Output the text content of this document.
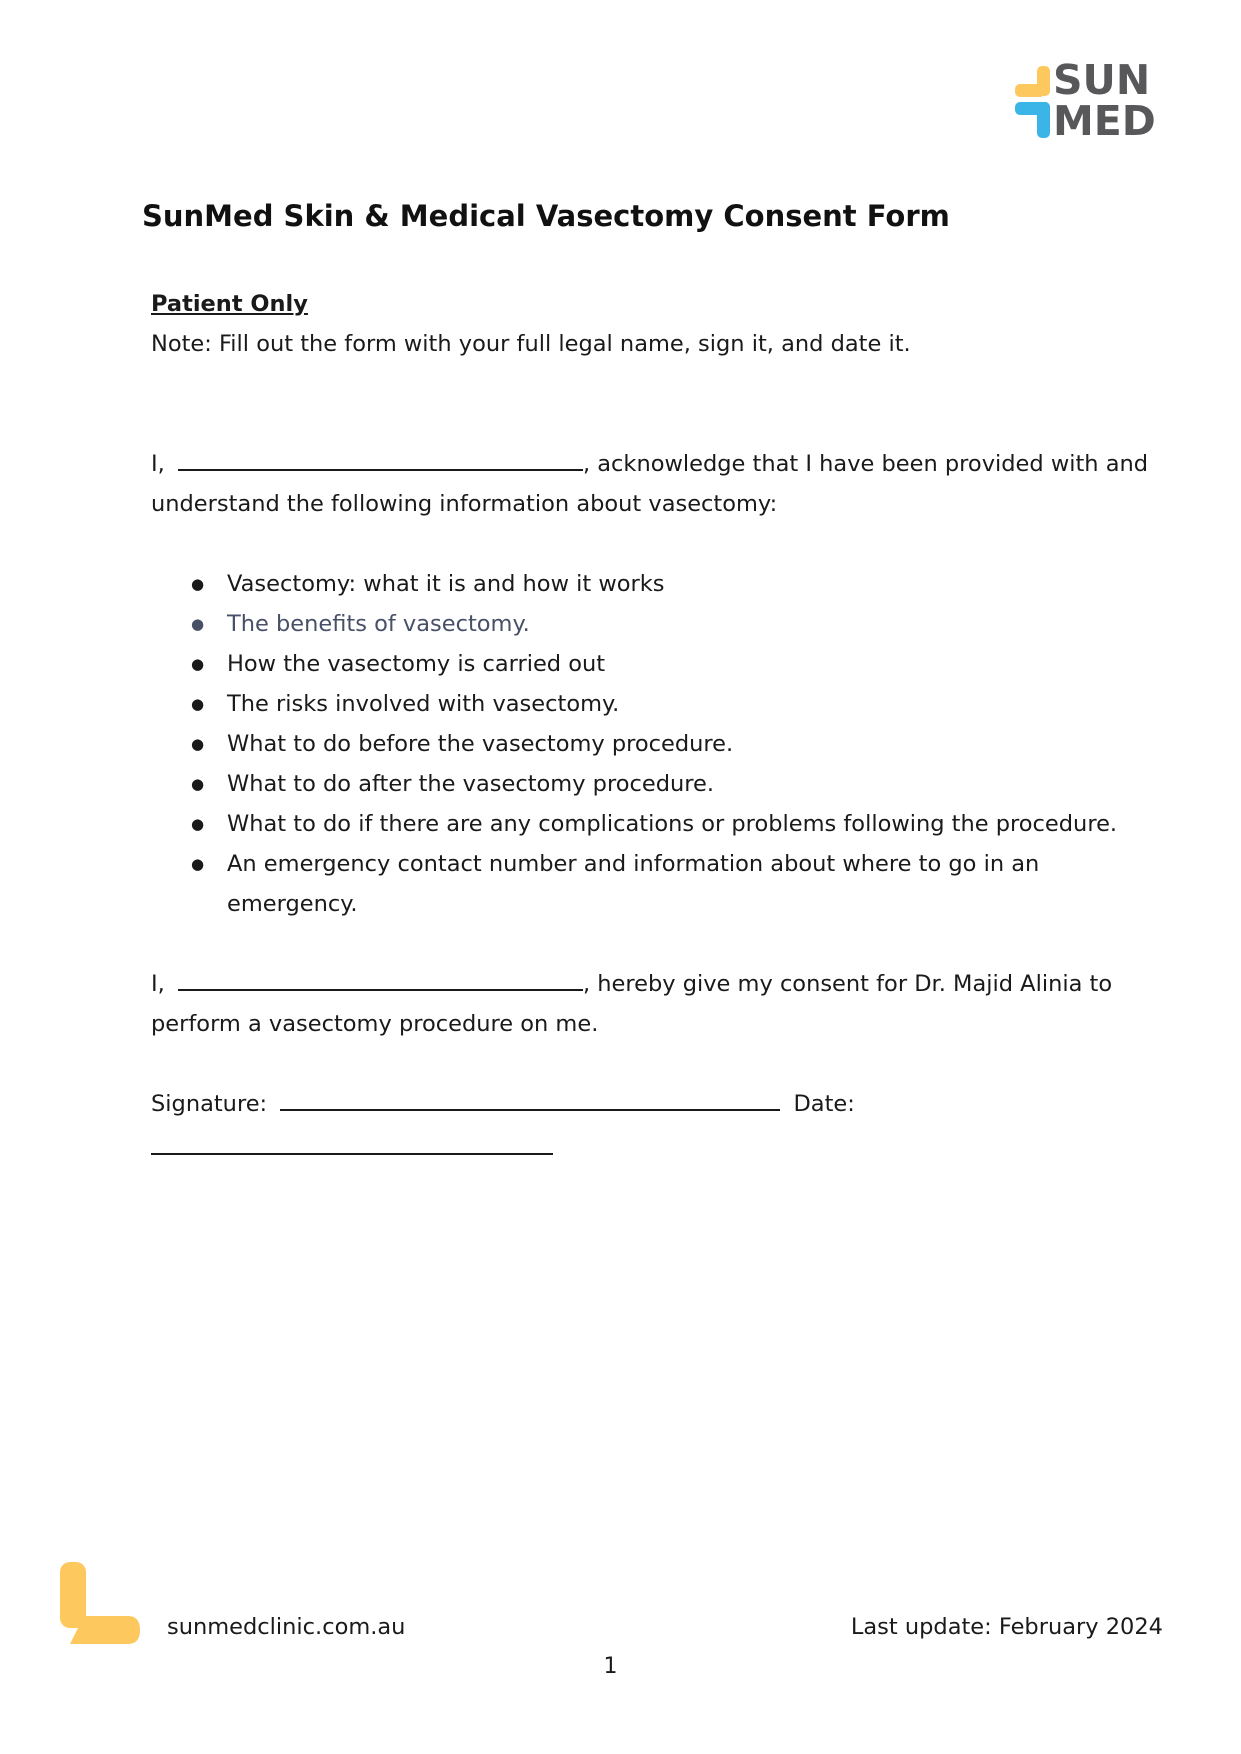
SUN
MED
SunMed Skin & Medical Vasectomy Consent Form
Patient Only
Note: Fill out the form with your full legal name, sign it, and date it.
I,	, acknowledge that I have been provided with and
understand the following information about vasectomy:
● Vasectomy: what it is and how it works
● The benefits of vasectomy.
● How the vasectomy is carried out
● The risks involved with vasectomy.
● What to do before the vasectomy procedure.
● What to do after the vasectomy procedure.
● What to do if there are any complications or problems following the procedure.
● An emergency contact number and information about where to go in an emergency.
I,	, hereby give my consent for Dr. Majid Alinia to
perform a vasectomy procedure on me.
Signature:	Date:
sunmedclinic.com.au	Last update: February 2024
1
